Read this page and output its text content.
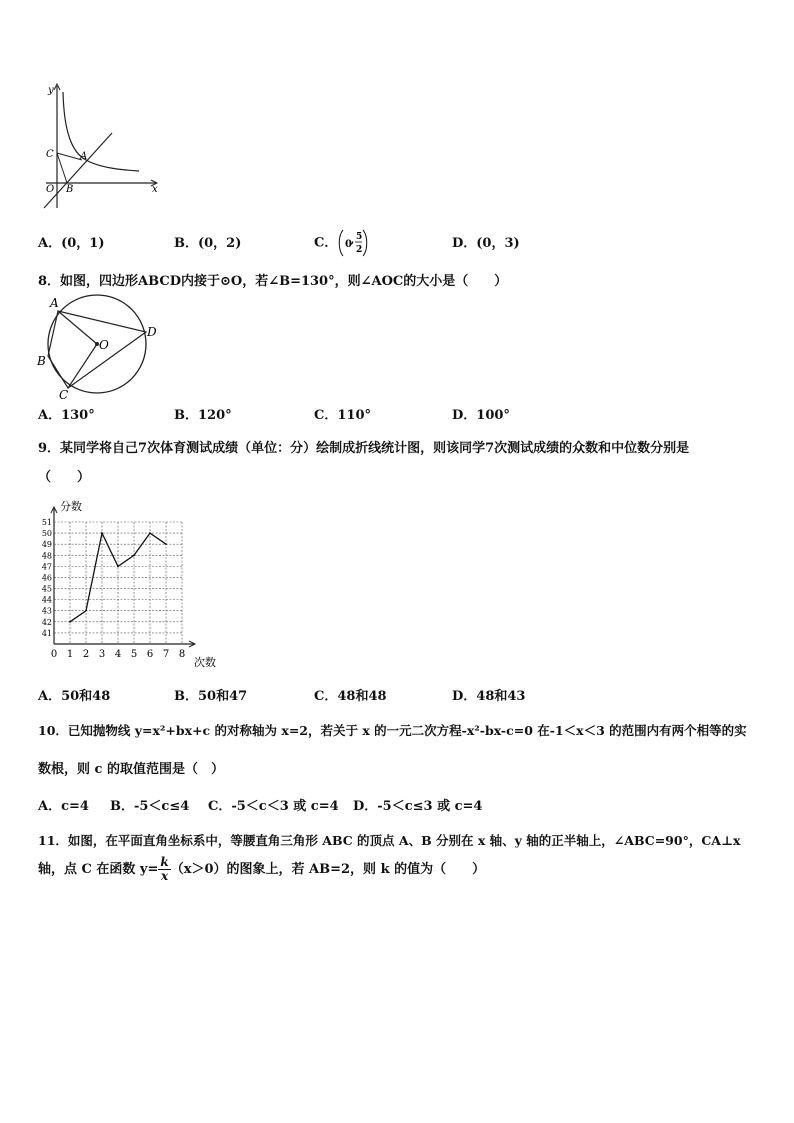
y
x
O
C	A
B
A．(0，1)	B．(0，2)	C． 0 , 5
2	D．(0，3)
8．如图，四边形ABCD内接于⊙O，若∠B=130°，则∠AOC的大小是（　　）
A
B
C
D
O
A．130°	B．120°	C．110°	D．100°
9．某同学将自己7次体育测试成绩（单位：分）绘制成折线统计图，则该同学7次测试成绩的众数和中位数分别是
（　　）
41
42
43
44
45
46
47
48
49
50
51
0 1 2 3 4 5 6 7 8
分数
次数
A．50和48	B．50和47	C．48和48	D．48和43
10．已知抛物线 y=x²+bx+c 的对称轴为 x=2，若关于 x 的一元二次方程-x²-bx-c=0 在-1＜x＜3 的范围内有两个相等的实
数根，则 c 的取值范围是（　）
A．c=4 B．-5＜c≤4 C．-5＜c＜3 或 c=4 D．-5＜c≤3 或 c=4
11．如图，在平面直角坐标系中，等腰直角三角形 ABC 的顶点 A、B 分别在 x 轴、y 轴的正半轴上，∠ABC=90°，CA⊥x
轴，点 C 在函数 $y= \frac{k}{x} (x>0)$的图象上，若 AB=2，则 k 的值为（　　）
